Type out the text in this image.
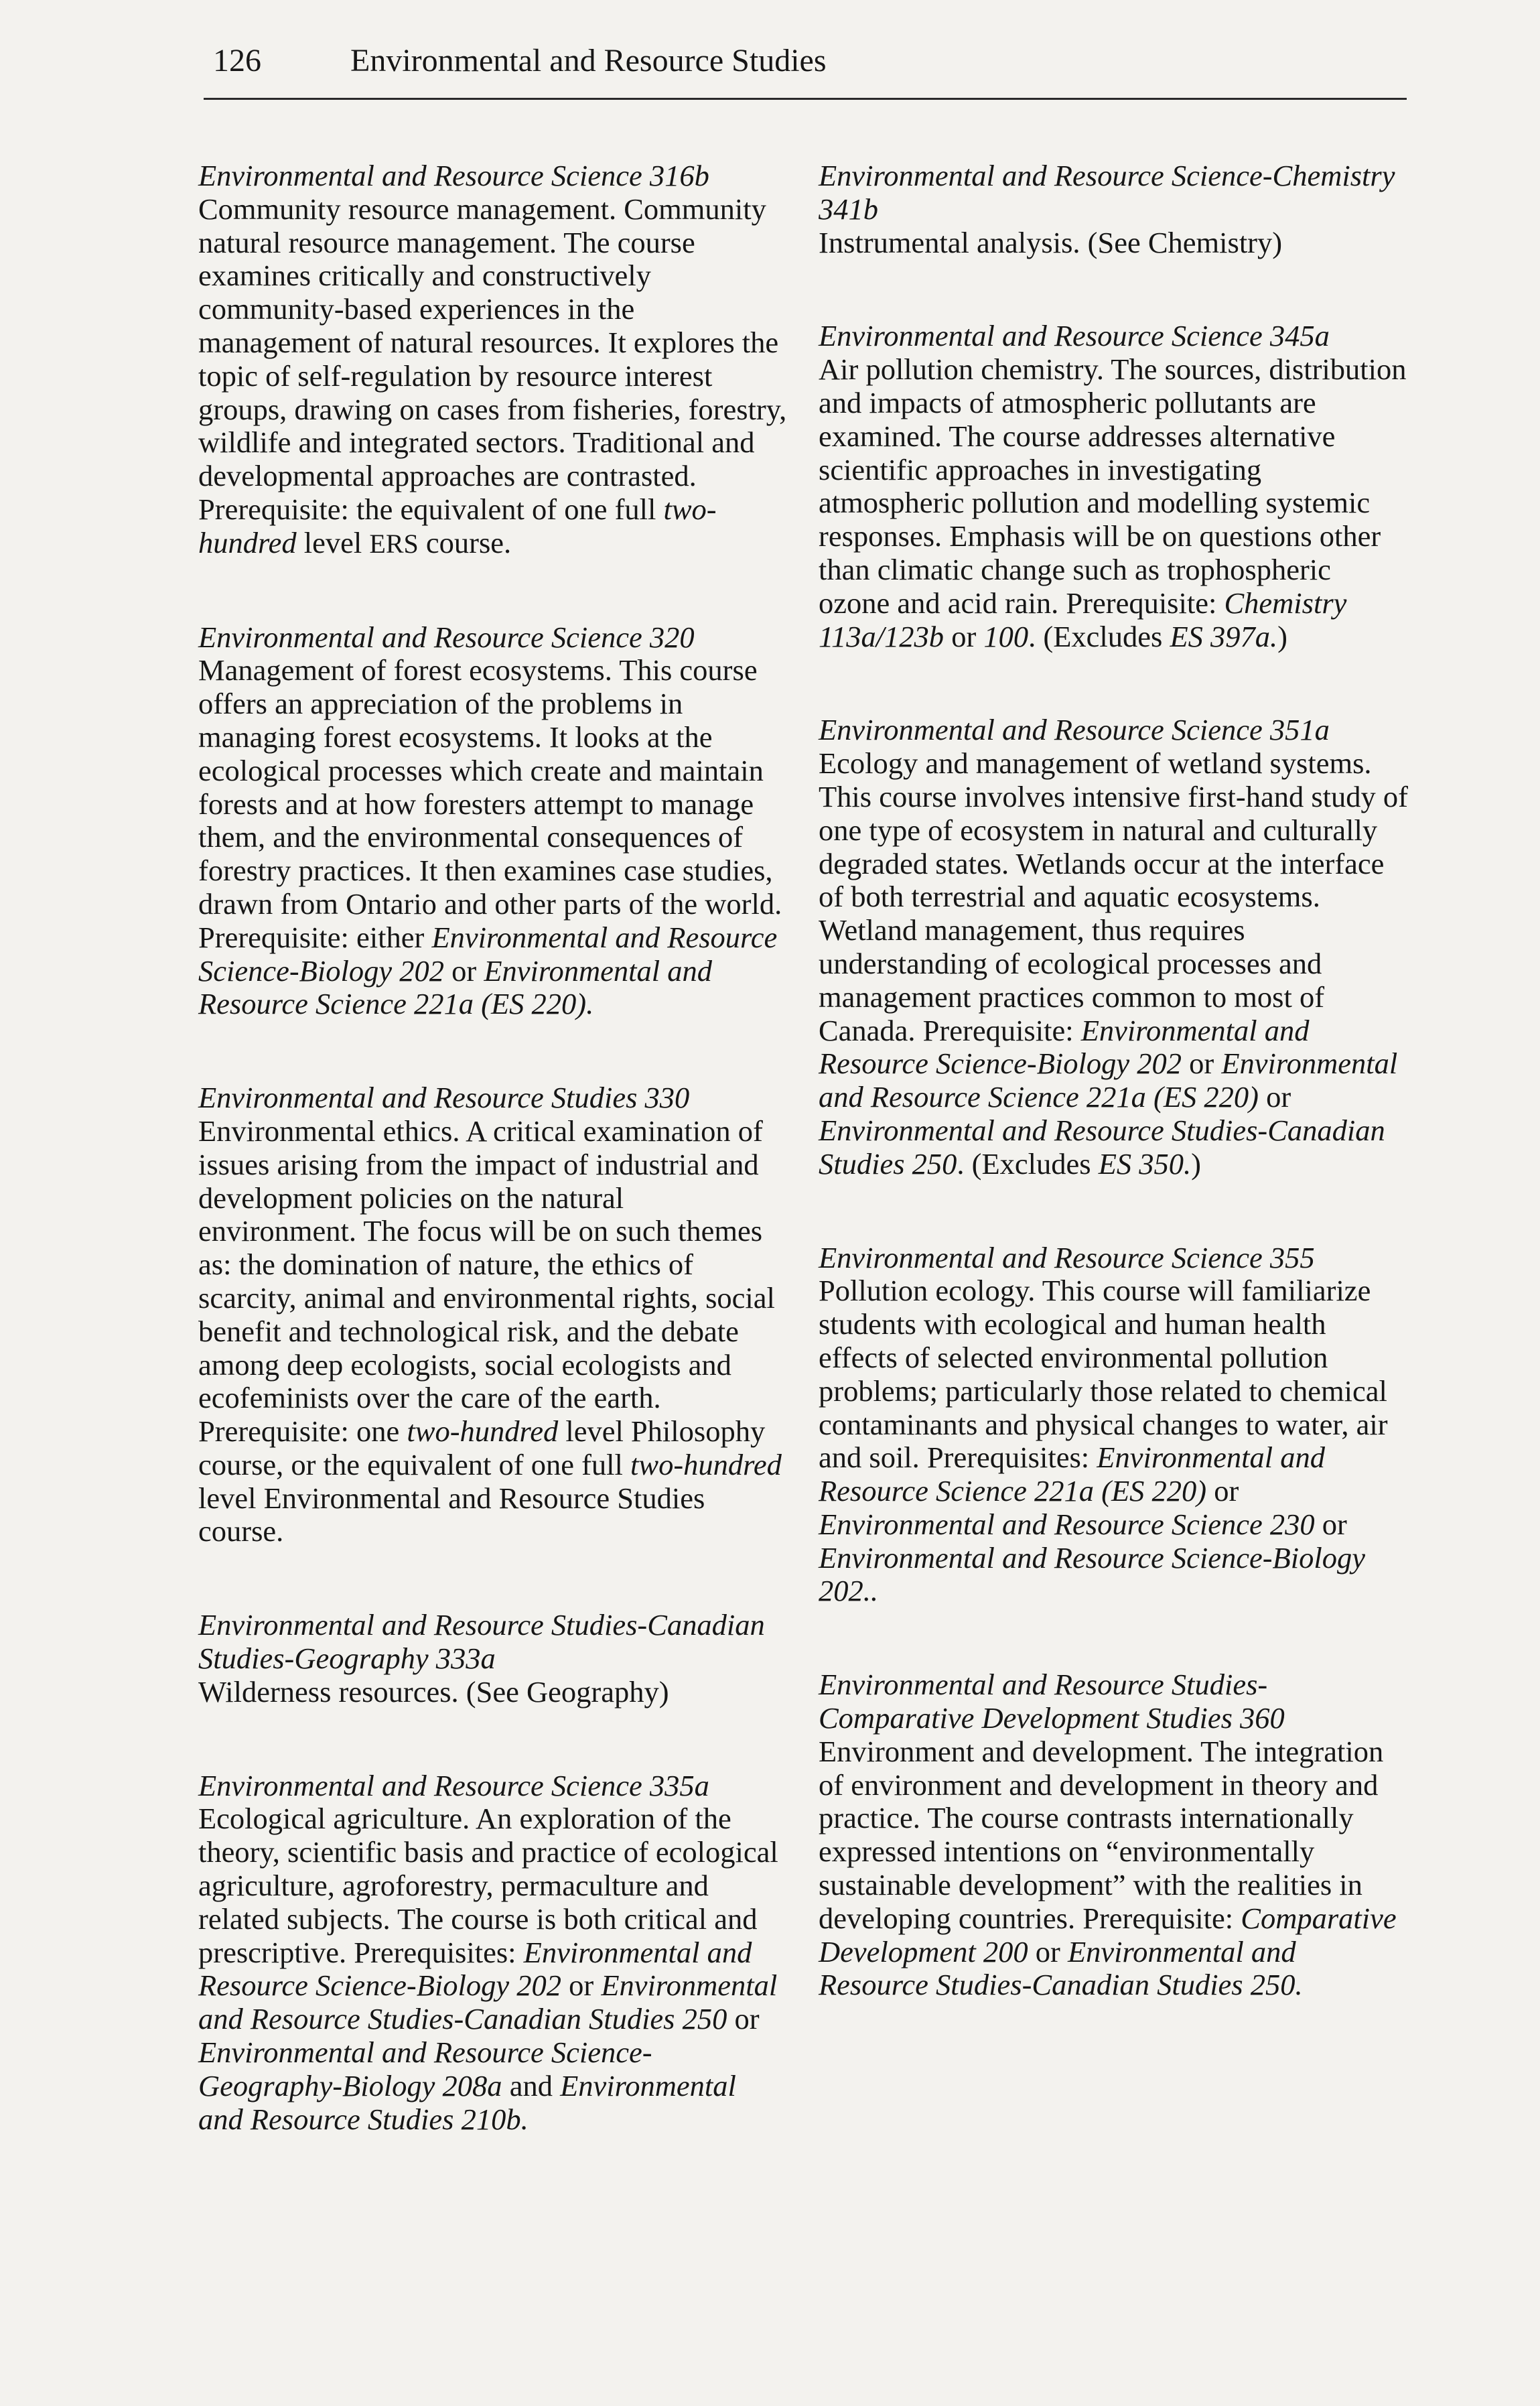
126	Environmental and Resource Studies
Environmental and Resource Science 316b
Community resource management. Community natural resource management. The course examines critically and constructively community-based experiences in the management of natural resources. It explores the topic of self-regulation by resource interest groups, drawing on cases from fisheries, forestry, wildlife and integrated sectors. Traditional and developmental approaches are contrasted. Prerequisite: the equivalent of one full two-hundred level ERS course.
Environmental and Resource Science 320
Management of forest ecosystems. This course offers an appreciation of the problems in managing forest ecosystems. It looks at the ecological processes which create and maintain forests and at how foresters attempt to manage them, and the environmental consequences of forestry practices. It then examines case studies, drawn from Ontario and other parts of the world. Prerequisite: either Environmental and Resource Science-Biology 202 or Environmental and Resource Science 221a (ES 220).
Environmental and Resource Studies 330
Environmental ethics. A critical examination of issues arising from the impact of industrial and development policies on the natural environment. The focus will be on such themes as: the domination of nature, the ethics of scarcity, animal and environmental rights, social benefit and technological risk, and the debate among deep ecologists, social ecologists and ecofeminists over the care of the earth. Prerequisite: one two-hundred level Philosophy course, or the equivalent of one full two-hundred level Environmental and Resource Studies course.
Environmental and Resource Studies-Canadian Studies-Geography 333a
Wilderness resources. (See Geography)
Environmental and Resource Science 335a
Ecological agriculture. An exploration of the theory, scientific basis and practice of ecological agriculture, agroforestry, permaculture and related subjects. The course is both critical and prescriptive. Prerequisites: Environmental and Resource Science-Biology 202 or Environmental and Resource Studies-Canadian Studies 250 or Environmental and Resource Science-Geography-Biology 208a and Environmental and Resource Studies 210b.
Environmental and Resource Science-Chemistry 341b
Instrumental analysis. (See Chemistry)
Environmental and Resource Science 345a
Air pollution chemistry. The sources, distribution and impacts of atmospheric pollutants are examined. The course addresses alternative scientific approaches in investigating atmospheric pollution and modelling systemic responses. Emphasis will be on questions other than climatic change such as trophospheric ozone and acid rain. Prerequisite: Chemistry 113a/123b or 100. (Excludes ES 397a.)
Environmental and Resource Science 351a
Ecology and management of wetland systems. This course involves intensive first-hand study of one type of ecosystem in natural and culturally degraded states. Wetlands occur at the interface of both terrestrial and aquatic ecosystems. Wetland management, thus requires understanding of ecological processes and management practices common to most of Canada. Prerequisite: Environmental and Resource Science-Biology 202 or Environmental and Resource Science 221a (ES 220) or Environmental and Resource Studies-Canadian Studies 250. (Excludes ES 350.)
Environmental and Resource Science 355
Pollution ecology. This course will familiarize students with ecological and human health effects of selected environmental pollution problems; particularly those related to chemical contaminants and physical changes to water, air and soil. Prerequisites: Environmental and Resource Science 221a (ES 220) or Environmental and Resource Science 230 or Environmental and Resource Science-Biology 202..
Environmental and Resource Studies-Comparative Development Studies 360
Environment and development. The integration of environment and development in theory and practice. The course contrasts internationally expressed intentions on “environmentally sustainable development” with the realities in developing countries. Prerequisite: Comparative Development 200 or Environmental and Resource Studies-Canadian Studies 250.
